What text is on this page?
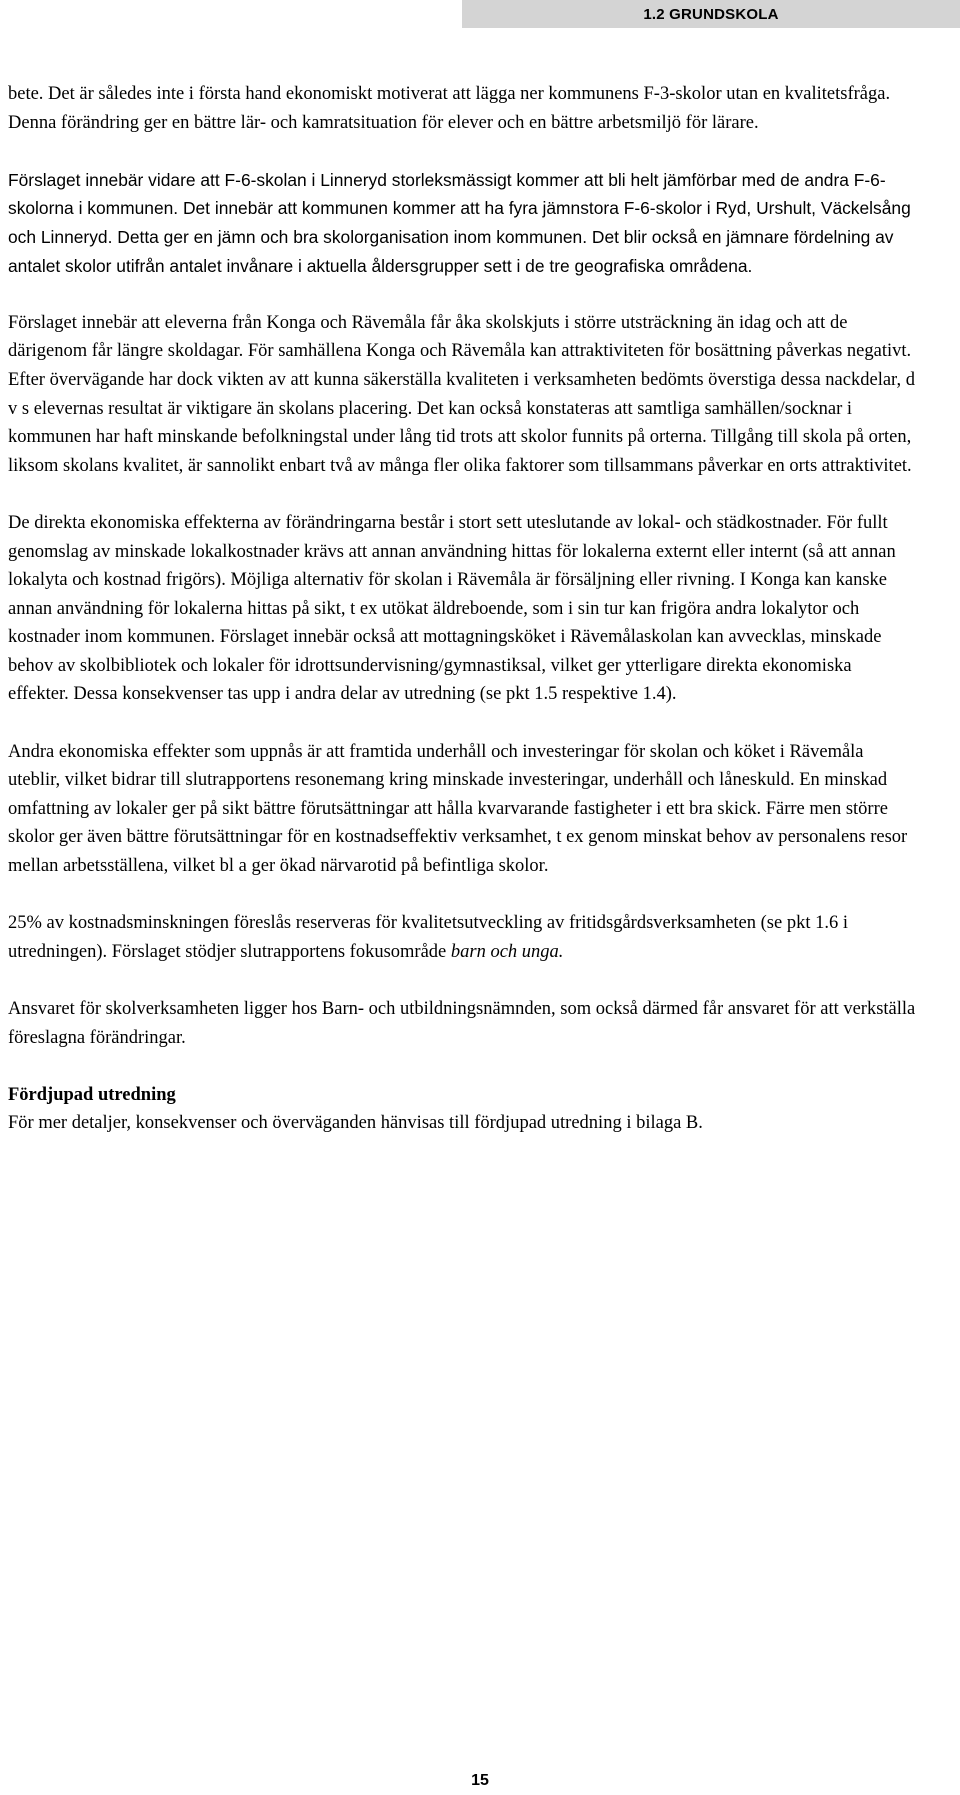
1.2 GRUNDSKOLA

bete. Det är således inte i första hand ekonomiskt motiverat att lägga ner kommunens F-3-skolor utan en kvalitetsfråga. Denna förändring ger en bättre lär- och kamratsituation för elever och en bättre arbetsmiljö för lärare.

Förslaget innebär vidare att F-6-skolan i Linneryd storleksmässigt kommer att bli helt jämförbar med de andra F-6-skolorna i kommunen. Det innebär att kommunen kommer att ha fyra jämnstora F-6-skolor i Ryd, Urshult, Väckelsång och Linneryd. Detta ger en jämn och bra skolorganisation inom kommunen. Det blir också en jämnare fördelning av antalet skolor utifrån antalet invånare i aktuella åldersgrupper sett i de tre geografiska områdena.

Förslaget innebär att eleverna från Konga och Rävemåla får åka skolskjuts i större utsträckning än idag och att de därigenom får längre skoldagar. För samhällena Konga och Rävemåla kan attraktiviteten för bosättning påverkas negativt. Efter övervägande har dock vikten av att kunna säkerställa kvaliteten i verksamheten bedömts överstiga dessa nackdelar, d v s elevernas resultat är viktigare än skolans placering. Det kan också konstateras att samtliga samhällen/socknar i kommunen har haft minskande befolkningstal under lång tid trots att skolor funnits på orterna. Tillgång till skola på orten, liksom skolans kvalitet, är sannolikt enbart två av många fler olika faktorer som tillsammans påverkar en orts attraktivitet.

De direkta ekonomiska effekterna av förändringarna består i stort sett uteslutande av lokal- och städkostnader. För fullt genomslag av minskade lokalkostnader krävs att annan användning hittas för lokalerna externt eller internt (så att annan lokalyta och kostnad frigörs). Möjliga alternativ för skolan i Rävemåla är försäljning eller rivning. I Konga kan kanske annan användning för lokalerna hittas på sikt, t ex utökat äldreboende, som i sin tur kan frigöra andra lokalytor och kostnader inom kommunen. Förslaget innebär också att mottagningsköket i Rävemålaskolan kan avvecklas, minskade behov av skolbibliotek och lokaler för idrottsundervisning/gymnastiksal, vilket ger ytterligare direkta ekonomiska effekter. Dessa konsekvenser tas upp i andra delar av utredning (se pkt 1.5 respektive 1.4).

Andra ekonomiska effekter som uppnås är att framtida underhåll och investeringar för skolan och köket i Rävemåla uteblir, vilket bidrar till slutrapportens resonemang kring minskade investeringar, underhåll och låneskuld. En minskad omfattning av lokaler ger på sikt bättre förutsättningar att hålla kvarvarande fastigheter i ett bra skick. Färre men större skolor ger även bättre förutsättningar för en kostnadseffektiv verksamhet, t ex genom minskat behov av personalens resor mellan arbetsställena, vilket bl a ger ökad närvarotid på befintliga skolor.

25% av kostnadsminskningen föreslås reserveras för kvalitetsutveckling av fritidsgårdsverksamheten (se pkt 1.6 i utredningen). Förslaget stödjer slutrapportens fokusområde barn och unga.

Ansvaret för skolverksamheten ligger hos Barn- och utbildningsnämnden, som också därmed får ansvaret för att verkställa föreslagna förändringar.

Fördjupad utredning

För mer detaljer, konsekvenser och överväganden hänvisas till fördjupad utredning i bilaga B.

15
